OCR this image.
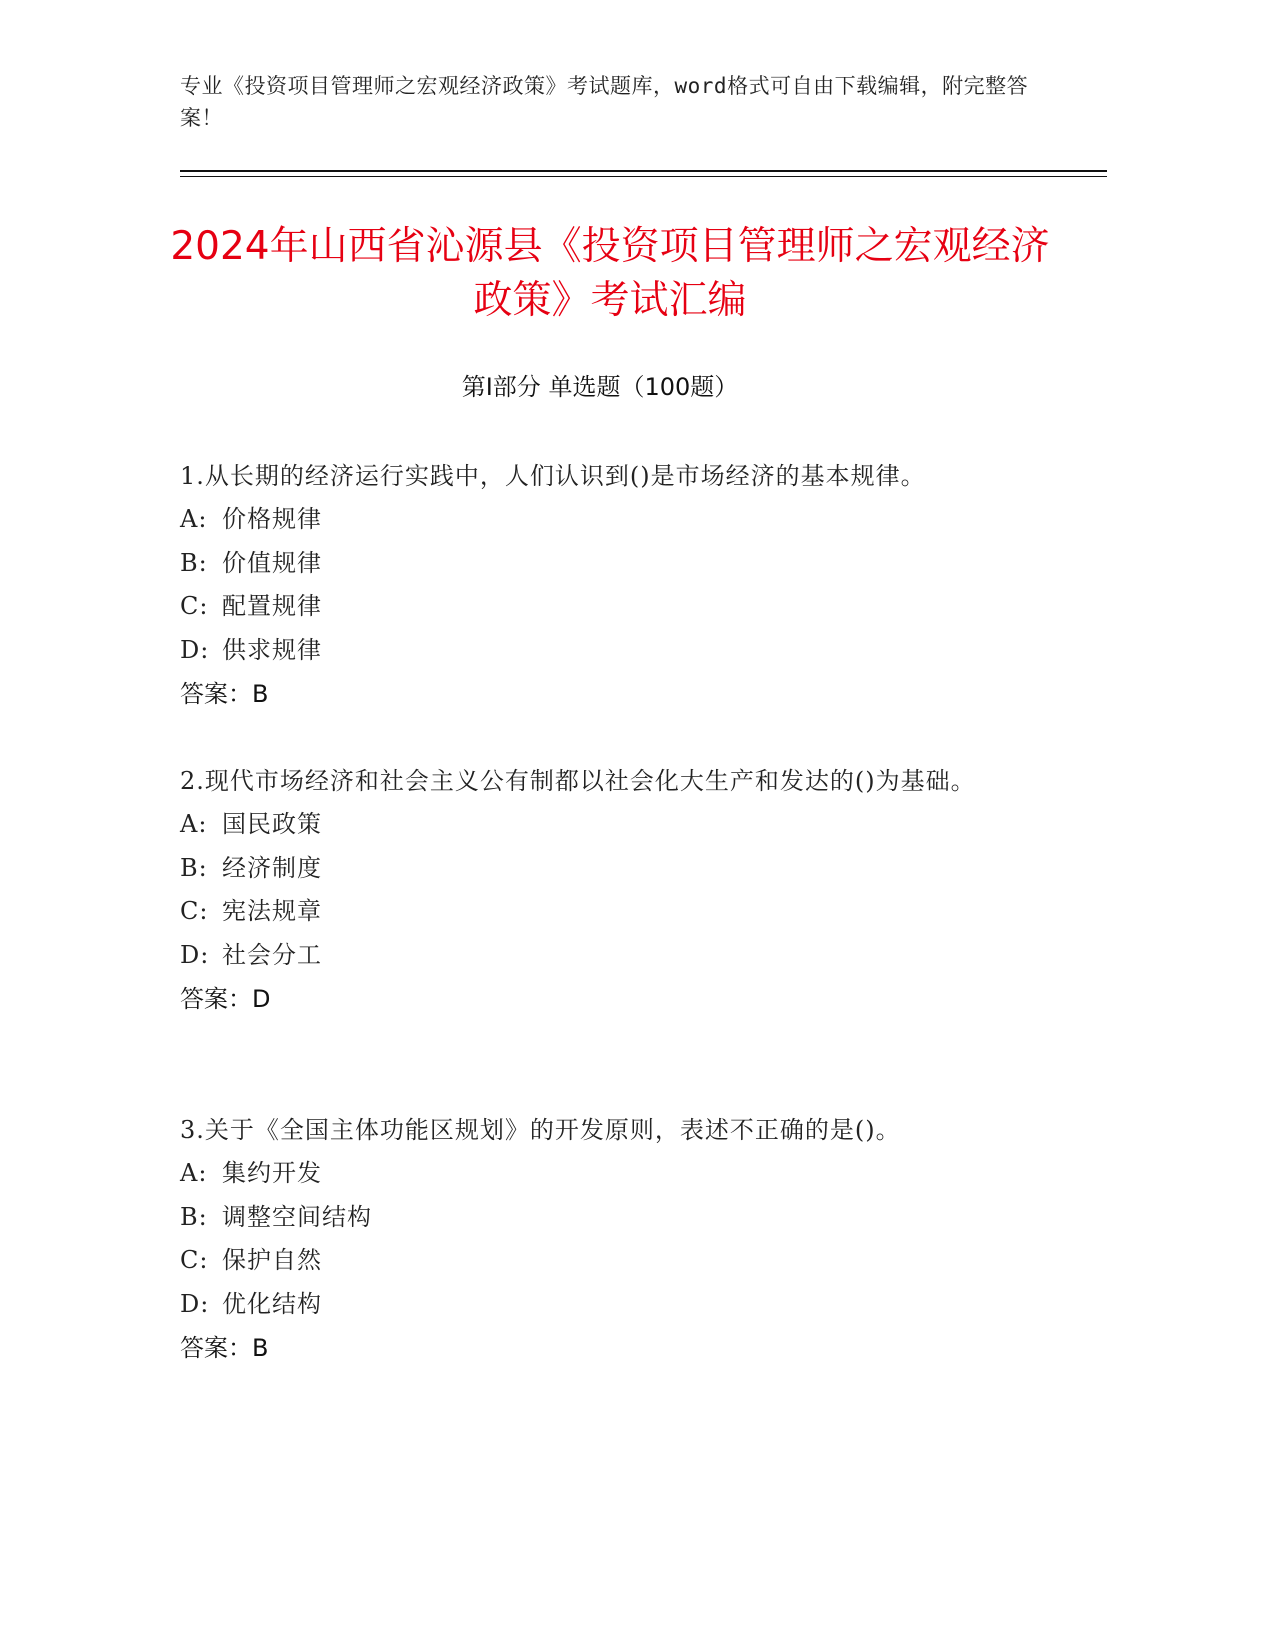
专业《投资项目管理师之宏观经济政策》考试题库，word格式可自由下载编辑，附完整答案！
2024年山西省沁源县《投资项目管理师之宏观经济政策》考试汇编
第Ⅰ部分 单选题（100题）
1.从长期的经济运行实践中，人们认识到()是市场经济的基本规律。
A: 价格规律
B: 价值规律
C: 配置规律
D: 供求规律
答案：B
2.现代市场经济和社会主义公有制都以社会化大生产和发达的()为基础。
A: 国民政策
B: 经济制度
C: 宪法规章
D: 社会分工
答案：D
3.关于《全国主体功能区规划》的开发原则，表述不正确的是()。
A: 集约开发
B: 调整空间结构
C: 保护自然
D: 优化结构
答案：B
